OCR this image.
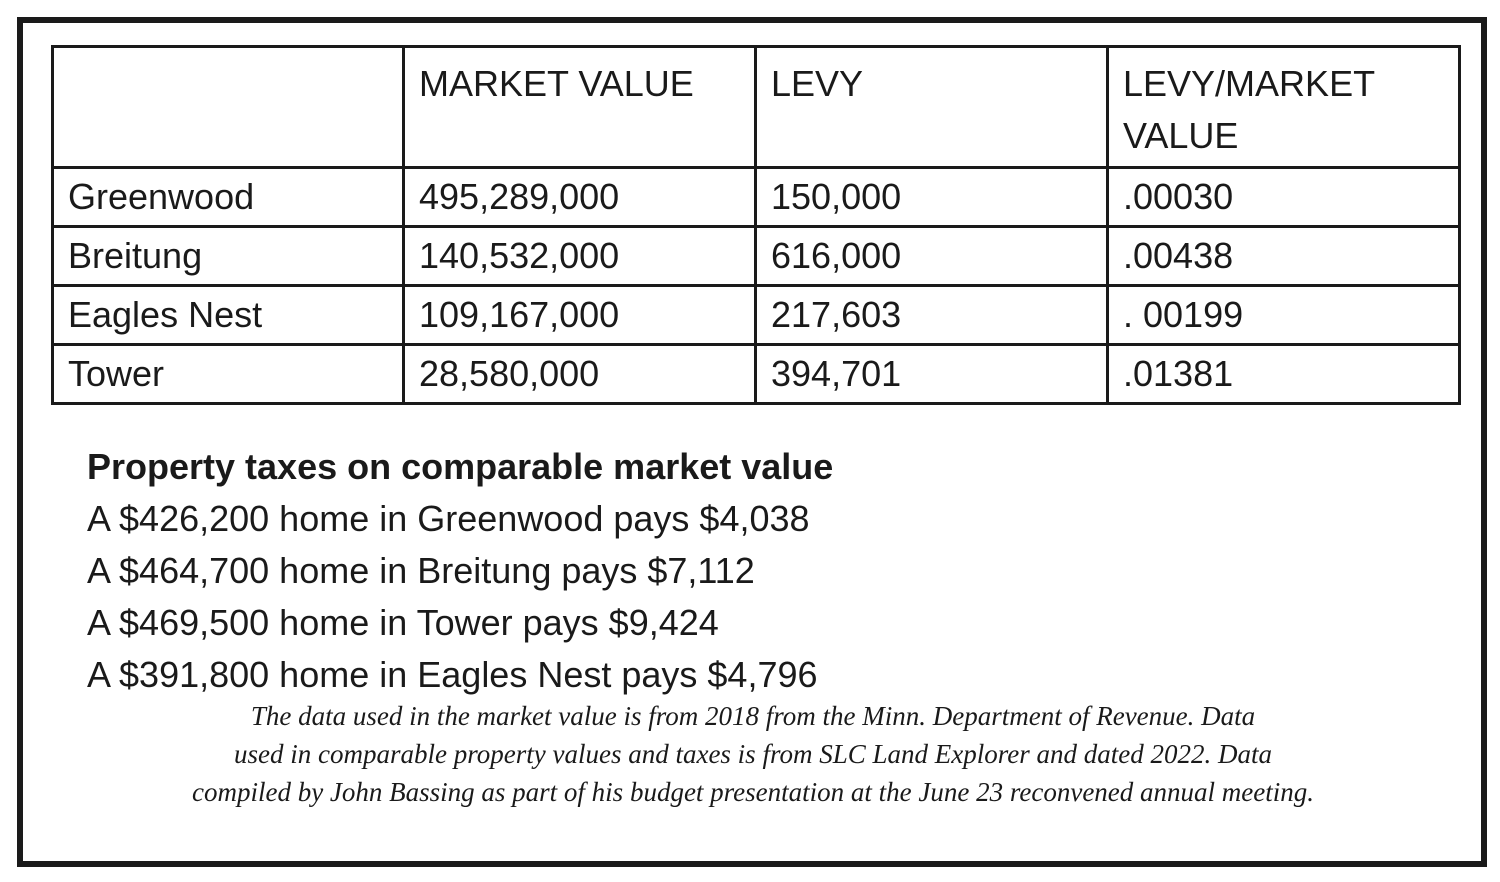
	MARKET VALUE	LEVY	LEVY/MARKET VALUE
Greenwood	495,289,000	150,000	.00030
Breitung	140,532,000	616,000	.00438
Eagles Nest	109,167,000	217,603	. 00199
Tower	28,580,000	394,701	.01381

Property taxes on comparable market value

A $426,200 home in Greenwood pays $4,038

A $464,700 home in Breitung pays $7,112

A $469,500 home in Tower pays $9,424

A $391,800 home in Eagles Nest pays $4,796

The data used in the market value is from 2018 from the Minn. Department of Revenue. Data
used in comparable property values and taxes is from SLC Land Explorer and dated 2022. Data
compiled by John Bassing as part of his budget presentation at the June 23 reconvened annual meeting.
